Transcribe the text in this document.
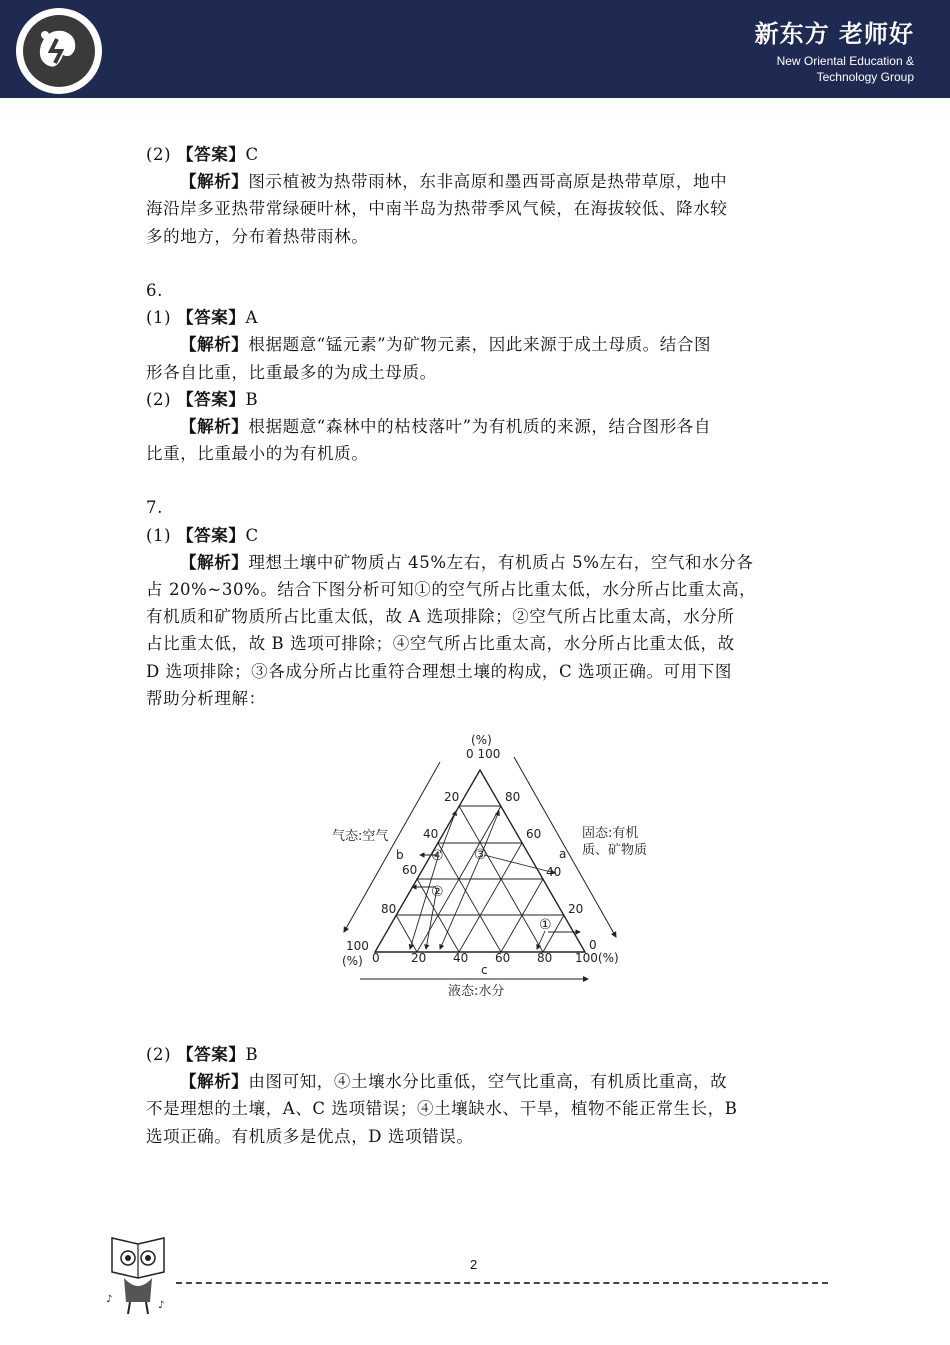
新东方 老师好
New Oriental Education &
Technology Group
(2) 【答案】C
【解析】图示植被为热带雨林，东非高原和墨西哥高原是热带草原，地中
海沿岸多亚热带常绿硬叶林，中南半岛为热带季风气候，在海拔较低、降水较
多的地方，分布着热带雨林。
6.
(1) 【答案】A
【解析】根据题意“锰元素”为矿物元素，因此来源于成土母质。结合图
形各自比重，比重最多的为成土母质。
(2) 【答案】B
【解析】根据题意“森林中的枯枝落叶”为有机质的来源，结合图形各自
比重，比重最小的为有机质。
7.
(1) 【答案】C
【解析】理想土壤中矿物质占 45%左右，有机质占 5%左右，空气和水分各
占 20%~30%。结合下图分析可知①的空气所占比重太低，水分所占比重太高，
有机质和矿物质所占比重太低，故 A 选项排除；②空气所占比重太高，水分所
占比重太低，故 B 选项可排除；④空气所占比重太高，水分所占比重太低，故
D 选项排除；③各成分所占比重符合理想土壤的构成，C 选项正确。可用下图
帮助分析理解：
(2) 【答案】B
【解析】由图可知，④土壤水分比重低，空气比重高，有机质比重高，故
不是理想的土壤，A、C 选项错误；④土壤缺水、干旱，植物不能正常生长，B
选项正确。有机质多是优点，D 选项错误。
(%)
0 100
20
40
60
80
80
60
40
20
100
(%) 0	20 40 60 80 100(%)
0
气态:空气
b
固态:有机
质、矿物质
a
c
液态:水分
①
②
③
④
♪
♪
2
